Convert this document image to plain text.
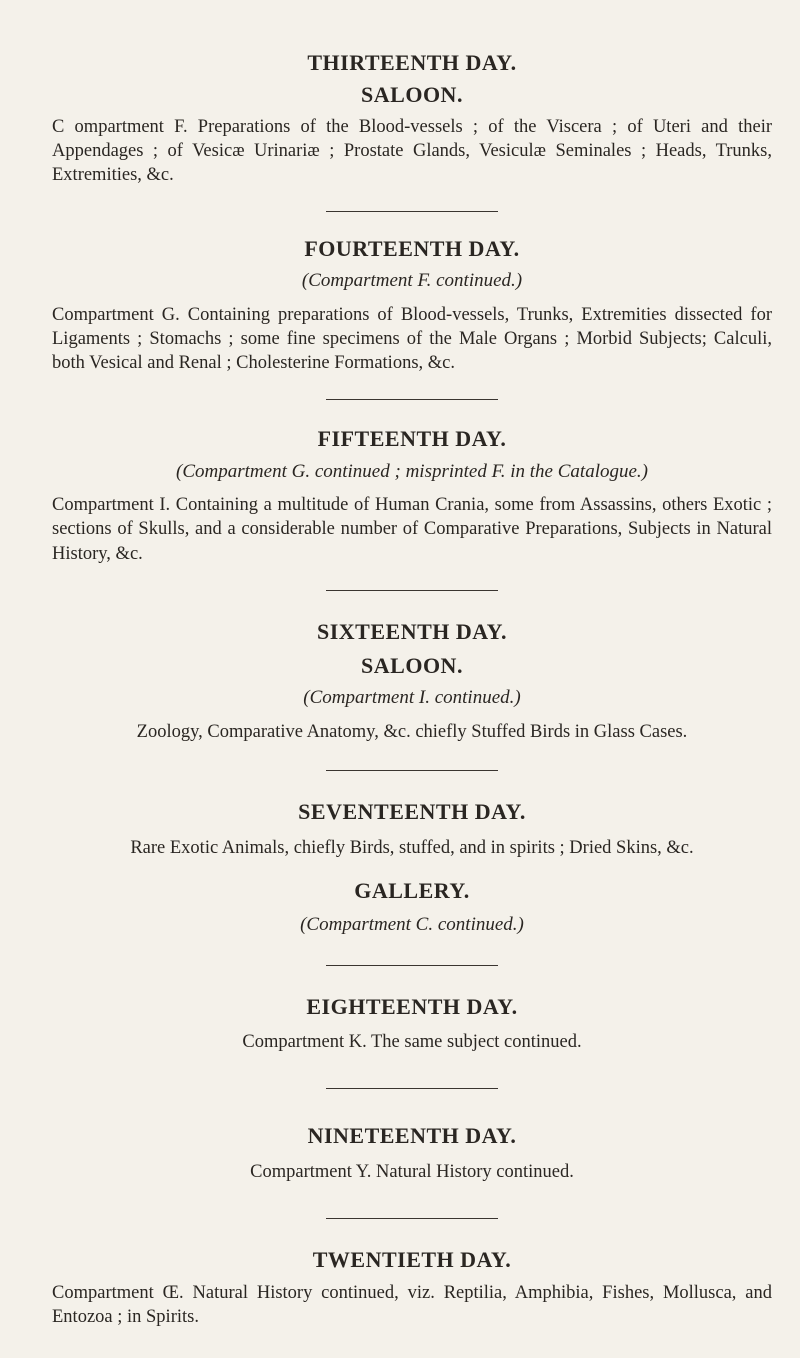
THIRTEENTH DAY.
SALOON.

C ompartment F. Preparations of the Blood-vessels ; of the Viscera ; of Uteri and their Appendages ; of Vesicæ Urinariæ ; Prostate Glands, Vesiculæ Seminales ; Heads, Trunks, Extremities, &c.

FOURTEENTH DAY.

(Compartment F. continued.)

Compartment G. Containing preparations of Blood-vessels, Trunks, Extremities dissected for Ligaments ; Stomachs ; some fine specimens of the Male Organs ; Morbid Subjects; Calculi, both Vesical and Renal ; Cholesterine Formations, &c.

FIFTEENTH DAY.

(Compartment G. continued ; misprinted F. in the Catalogue.)

Compartment I. Containing a multitude of Human Crania, some from Assassins, others Exotic ; sections of Skulls, and a considerable number of Comparative Preparations, Subjects in Natural History, &c.

SIXTEENTH DAY.
SALOON.

(Compartment I. continued.)

Zoology, Comparative Anatomy, &c. chiefly Stuffed Birds in Glass Cases.

SEVENTEENTH DAY.

Rare Exotic Animals, chiefly Birds, stuffed, and in spirits ; Dried Skins, &c.

GALLERY.

(Compartment C. continued.)

EIGHTEENTH DAY.

Compartment K. The same subject continued.

NINETEENTH DAY.

Compartment Y. Natural History continued.

TWENTIETH DAY.

Compartment Œ. Natural History continued, viz. Reptilia, Amphibia, Fishes, Mollusca, and Entozoa ; in Spirits.
